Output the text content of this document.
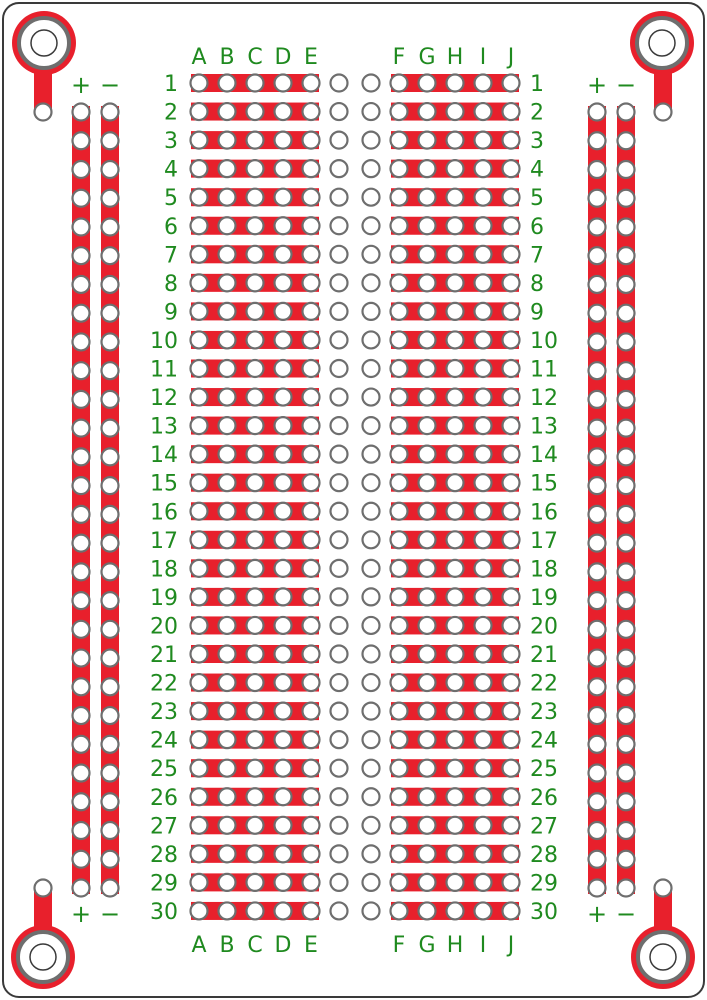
A B C D E	F G H I J
A B C D E	F G H I J
+ −	+ −
+ −	+ −
1	1
2	2
3	3
4	4
5	5
6	6
7	7
8	8
9	9
10	10
11	11
12	12
13	13
14	14
15	15
16	16
17	17
18	18
19	19
20	20
21	21
22	22
23	23
24	24
25	25
26	26
27	27
28	28
29	29
30	30
